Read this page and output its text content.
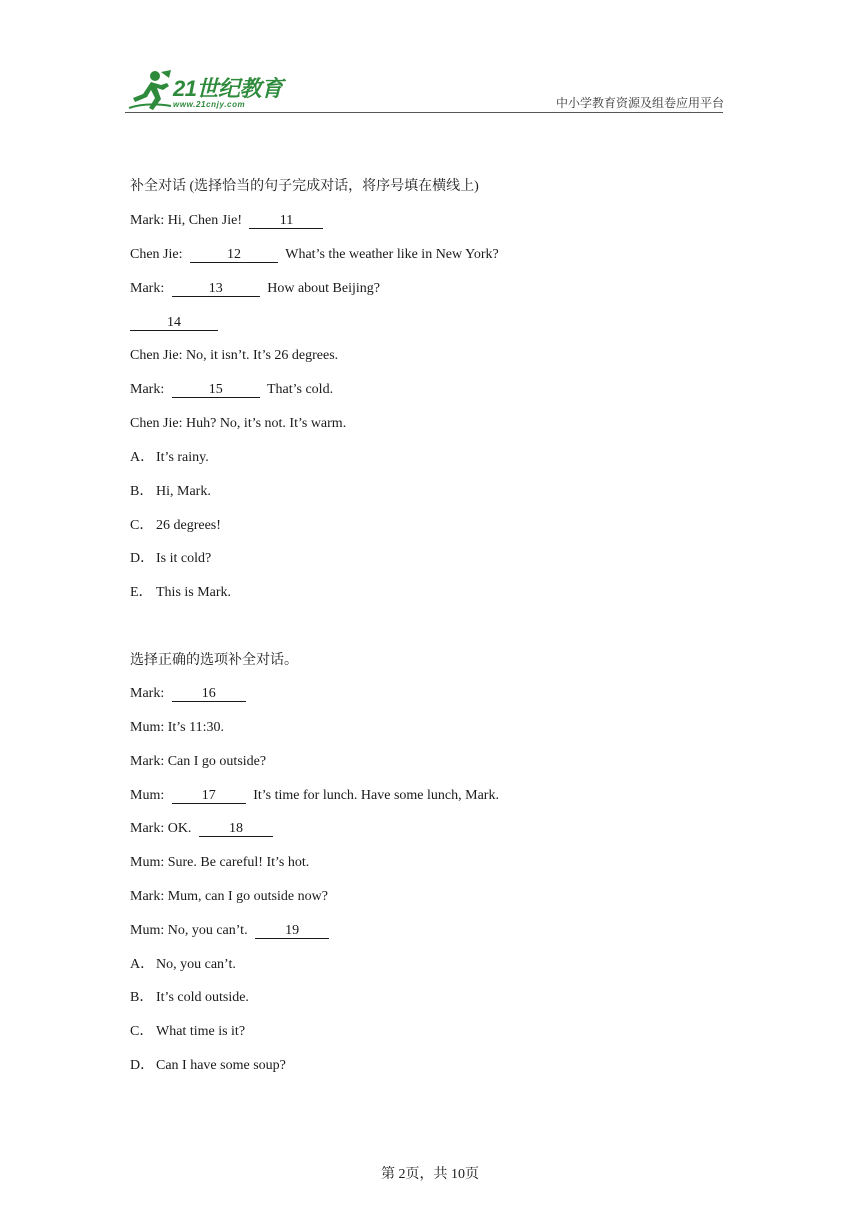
21世纪教育
www.21cnjy.com	中小学教育资源及组卷应用平台
补全对话 (选择恰当的句子完成对话，将序号填在横线上)
Mark: Hi, Chen Jie!	11
Chen Jie:	12	What’s the weather like in New York?
Mark:	13	How about Beijing?
14
Chen Jie: No, it isn’t. It’s 26 degrees.
Mark:	15	That’s cold.
Chen Jie: Huh? No, it’s not. It’s warm.
A． It’s rainy.
B． Hi, Mark.
C． 26 degrees!
D． Is it cold?
E． This is Mark.
选择正确的选项补全对话。
Mark:	16
Mum: It’s 11:30.
Mark: Can I go outside?
Mum:	17	It’s time for lunch. Have some lunch, Mark.
Mark: OK.	18
Mum: Sure. Be careful! It’s hot.
Mark: Mum, can I go outside now?
Mum: No, you can’t.	19
A． No, you can’t.
B． It’s cold outside.
C． What time is it?
D． Can I have some soup?
第 2页，共 10页
